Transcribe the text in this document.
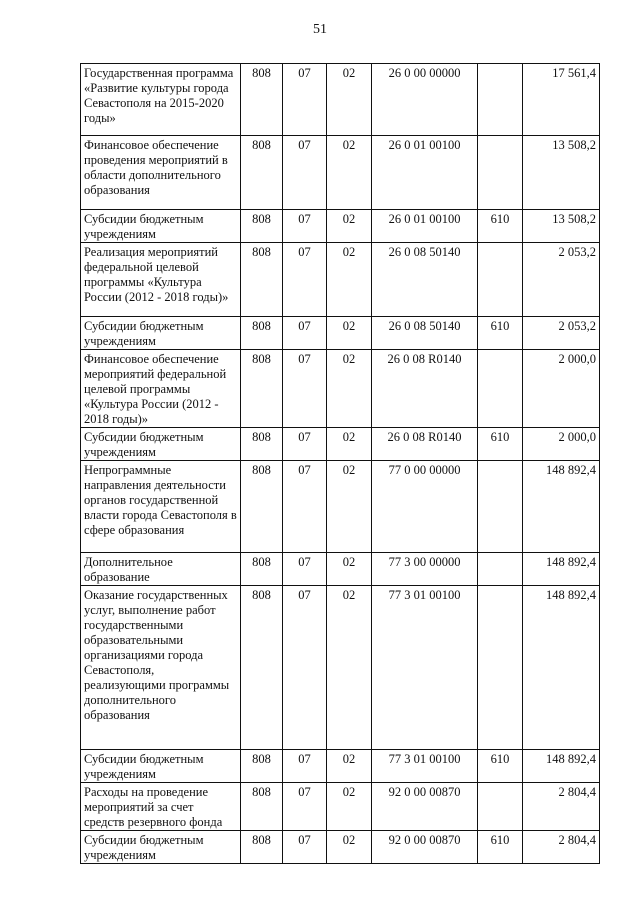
51
Государственная программа «Развитие культуры города Севастополя на 2015-2020 годы»	808	07	02	26 0 00 00000		17 561,4
Финансовое обеспечение проведения мероприятий в области дополнительного образования	808	07	02	26 0 01 00100		13 508,2
Субсидии бюджетным учреждениям	808	07	02	26 0 01 00100	610	13 508,2
Реализация мероприятий федеральной целевой программы «Культура России (2012 - 2018 годы)»	808	07	02	26 0 08 50140		2 053,2
Субсидии бюджетным учреждениям	808	07	02	26 0 08 50140	610	2 053,2
Финансовое обеспечение мероприятий федеральной целевой программы «Культура России (2012 - 2018 годы)»	808	07	02	26 0 08 R0140		2 000,0
Субсидии бюджетным учреждениям	808	07	02	26 0 08 R0140	610	2 000,0
Непрограммные направления деятельности органов государственной власти города Севастополя в сфере образования	808	07	02	77 0 00 00000		148 892,4
Дополнительное образование	808	07	02	77 3 00 00000		148 892,4
Оказание государственных услуг, выполнение работ государственными образовательными организациями города Севастополя, реализующими программы дополнительного образования	808	07	02	77 3 01 00100		148 892,4
Субсидии бюджетным учреждениям	808	07	02	77 3 01 00100	610	148 892,4
Расходы на проведение мероприятий за счет средств резервного фонда	808	07	02	92 0 00 00870		2 804,4
Субсидии бюджетным учреждениям	808	07	02	92 0 00 00870	610	2 804,4
